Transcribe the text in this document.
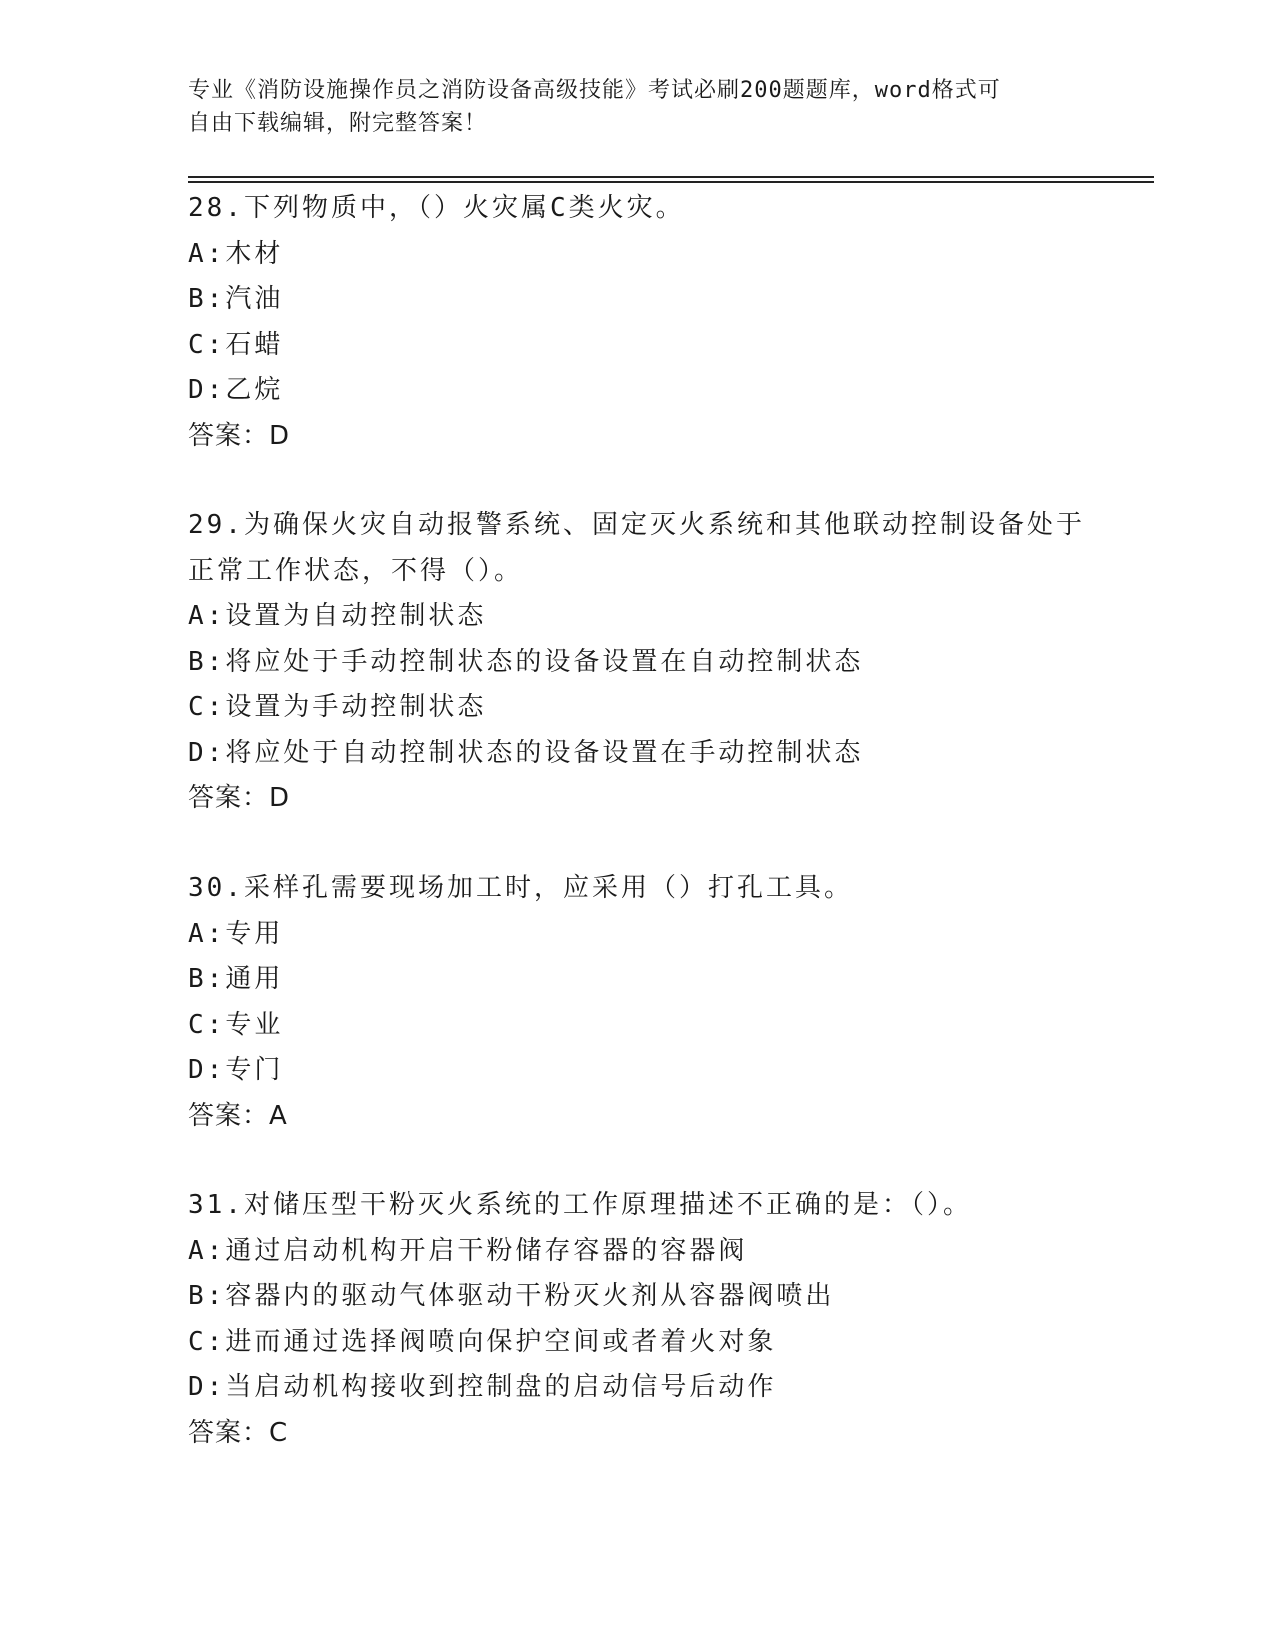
专业《消防设施操作员之消防设备高级技能》考试必刷200题题库，word格式可
自由下载编辑，附完整答案！
28.下列物质中，（）火灾属C类火灾。
A:木材
B:汽油
C:石蜡
D:乙烷
答案：D
29.为确保火灾自动报警系统、固定灭火系统和其他联动控制设备处于
正常工作状态，不得（）。
A:设置为自动控制状态
B:将应处于手动控制状态的设备设置在自动控制状态
C:设置为手动控制状态
D:将应处于自动控制状态的设备设置在手动控制状态
答案：D
30.采样孔需要现场加工时，应采用（）打孔工具。
A:专用
B:通用
C:专业
D:专门
答案：A
31.对储压型干粉灭火系统的工作原理描述不正确的是：（）。
A:通过启动机构开启干粉储存容器的容器阀
B:容器内的驱动气体驱动干粉灭火剂从容器阀喷出
C:进而通过选择阀喷向保护空间或者着火对象
D:当启动机构接收到控制盘的启动信号后动作
答案：C
